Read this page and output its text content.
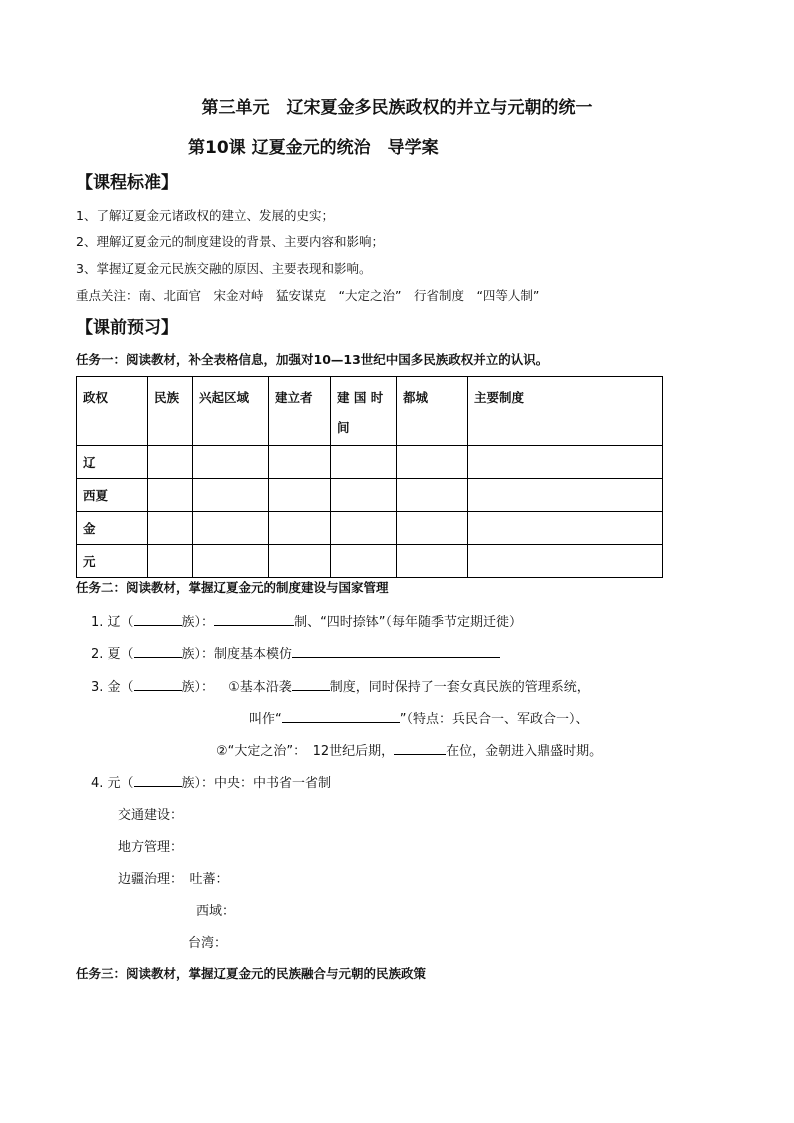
第三单元　辽宋夏金多民族政权的并立与元朝的统一
第10课 辽夏金元的统治　导学案
【课程标准】
1、了解辽夏金元诸政权的建立、发展的史实；
2、理解辽夏金元的制度建设的背景、主要内容和影响；
3、掌握辽夏金元民族交融的原因、主要表现和影响。
重点关注：南、北面官　宋金对峙　猛安谋克　“大定之治”　行省制度　“四等人制”
【课前预习】
任务一：阅读教材，补全表格信息，加强对10—13世纪中国多民族政权并立的认识。
政权	民族	兴起区域	建立者	建 国 时 间	都城	主要制度
辽						
西夏						
金						
元						
任务二：阅读教材，掌握辽夏金元的制度建设与国家管理
1. 辽（	族）：	制、“四时捺钵”（每年随季节定期迁徙）
2. 夏（	族）：制度基本模仿
3. 金（	族）： ①基本沿袭	制度，同时保持了一套女真民族的管理系统，
叫作“	”（特点：兵民合一、军政合一）、
②“大定之治”：　12世纪后期，	在位，金朝进入鼎盛时期。
4. 元（	族）：中央：中书省一省制
交通建设：
地方管理：
边疆治理：　吐蕃：
西域：
台湾：
任务三：阅读教材，掌握辽夏金元的民族融合与元朝的民族政策
